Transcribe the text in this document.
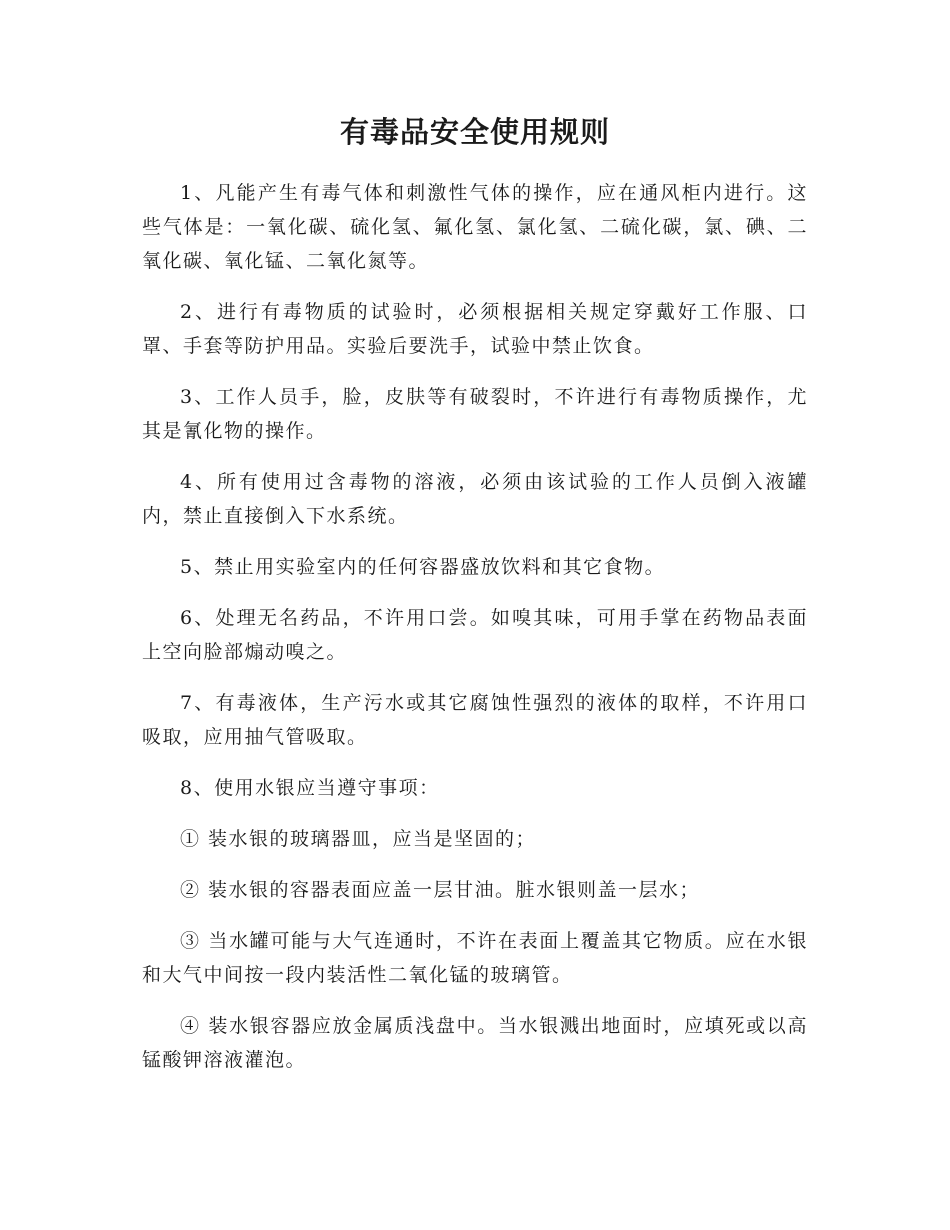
有毒品安全使用规则

1、凡能产生有毒气体和刺激性气体的操作，应在通风柜内进行。这些气体是：一氧化碳、硫化氢、氟化氢、氯化氢、二硫化碳，氯、碘、二氧化碳、氧化锰、二氧化氮等。

2、进行有毒物质的试验时，必须根据相关规定穿戴好工作服、口罩、手套等防护用品。实验后要洗手，试验中禁止饮食。

3、工作人员手，脸，皮肤等有破裂时，不许进行有毒物质操作，尤其是氰化物的操作。

4、所有使用过含毒物的溶液，必须由该试验的工作人员倒入液罐内，禁止直接倒入下水系统。

5、禁止用实验室内的任何容器盛放饮料和其它食物。

6、处理无名药品，不许用口尝。如嗅其味，可用手掌在药物品表面上空向脸部煽动嗅之。

7、有毒液体，生产污水或其它腐蚀性强烈的液体的取样，不许用口吸取，应用抽气管吸取。

8、使用水银应当遵守事项：

① 装水银的玻璃器皿，应当是坚固的；

② 装水银的容器表面应盖一层甘油。脏水银则盖一层水；

③ 当水罐可能与大气连通时，不许在表面上覆盖其它物质。应在水银和大气中间按一段内装活性二氧化锰的玻璃管。

④ 装水银容器应放金属质浅盘中。当水银溅出地面时，应填死或以高锰酸钾溶液灌泡。
